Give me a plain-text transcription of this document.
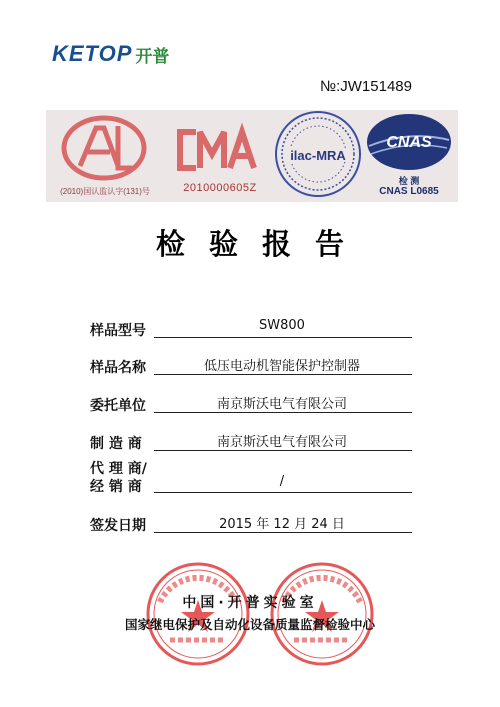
KETOP 开普
№:JW151489
ilac-MRA
CNAS
(2010)国认监认字(131)号	2010000605Z
检 测
CNAS L0685
检验报告
样品型号	SW800
样品名称	低压电动机智能保护控制器
委托单位	南京斯沃电气有限公司
制 造 商	南京斯沃电气有限公司
代 理 商/
经 销 商	/
签发日期	2015 年 12 月 24 日
中国·开普实验室
国家继电保护及自动化设备质量监督检验中心
